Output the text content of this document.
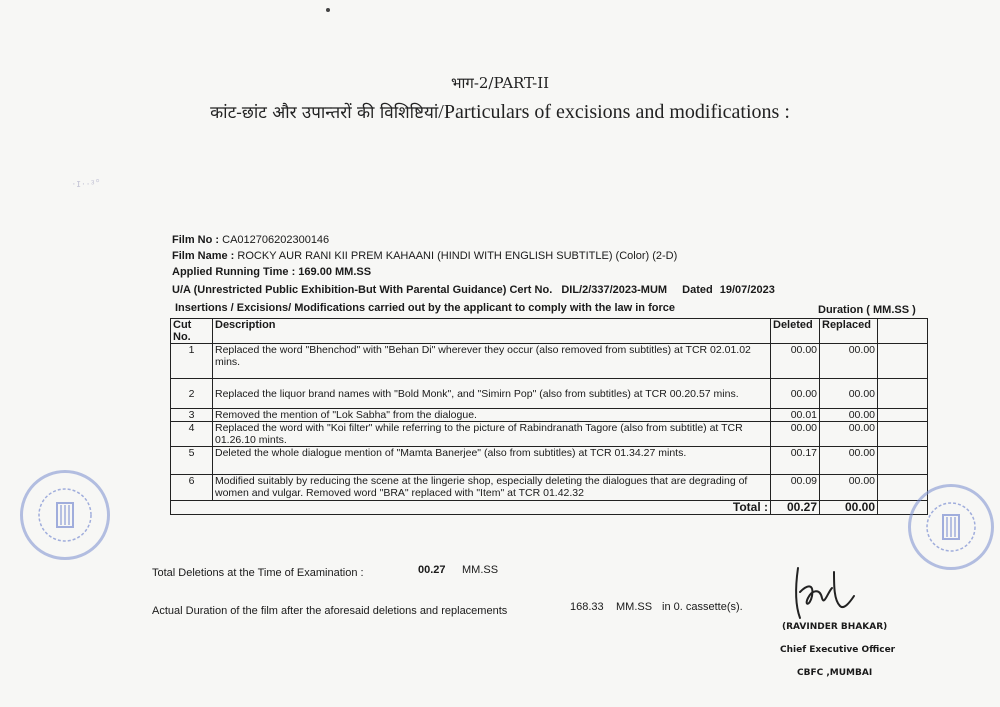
भाग-2/PART-II
कांट-छांट और उपान्तरों की विशिष्टियां/Particulars of excisions and modifications :
·ɪ··ᵌ°
Film No : CA012706202300146
Film Name : ROCKY AUR RANI KII PREM KAHAANI (HINDI WITH ENGLISH SUBTITLE) (Color) (2-D)
Applied Running Time : 169.00 MM.SS
U/A (Unrestricted Public Exhibition-But With Parental Guidance) Cert No. DIL/2/337/2023-MUM Dated 19/07/2023
Insertions / Excisions/ Modifications carried out by the applicant to comply with the law in force	Duration ( MM.SS )
Cut No.	Description	Deleted	Replaced	
1	Replaced the word "Bhenchod" with "Behan Di" wherever they occur (also removed from subtitles) at TCR 02.01.02 mins.	00.00	00.00	
2	Replaced the liquor brand names with "Bold Monk", and "Simirn Pop" (also from subtitles) at TCR 00.20.57 mins.	00.00	00.00	
3	Removed the mention of "Lok Sabha" from the dialogue.	00.01	00.00	
4	Replaced the word with "Koi filter" while referring to the picture of Rabindranath Tagore (also from subtitle) at TCR 01.26.10 mints.	00.00	00.00	
5	Deleted the whole dialogue mention of "Mamta Banerjee" (also from subtitles) at TCR 01.34.27 mints.	00.17	00.00	
6	Modified suitably by reducing the scene at the lingerie shop, especially deleting the dialogues that are degrading of women and vulgar. Removed word "BRA" replaced with "Item" at TCR 01.42.32	00.09	00.00	
	Total :	00.27	00.00	
Total Deletions at the Time of Examination :	00.27 MM.SS
Actual Duration of the film after the aforesaid deletions and replacements	168.33 MM.SS in 0. cassette(s).
(RAVINDER BHAKAR)
Chief Executive Officer
CBFC ,MUMBAI
